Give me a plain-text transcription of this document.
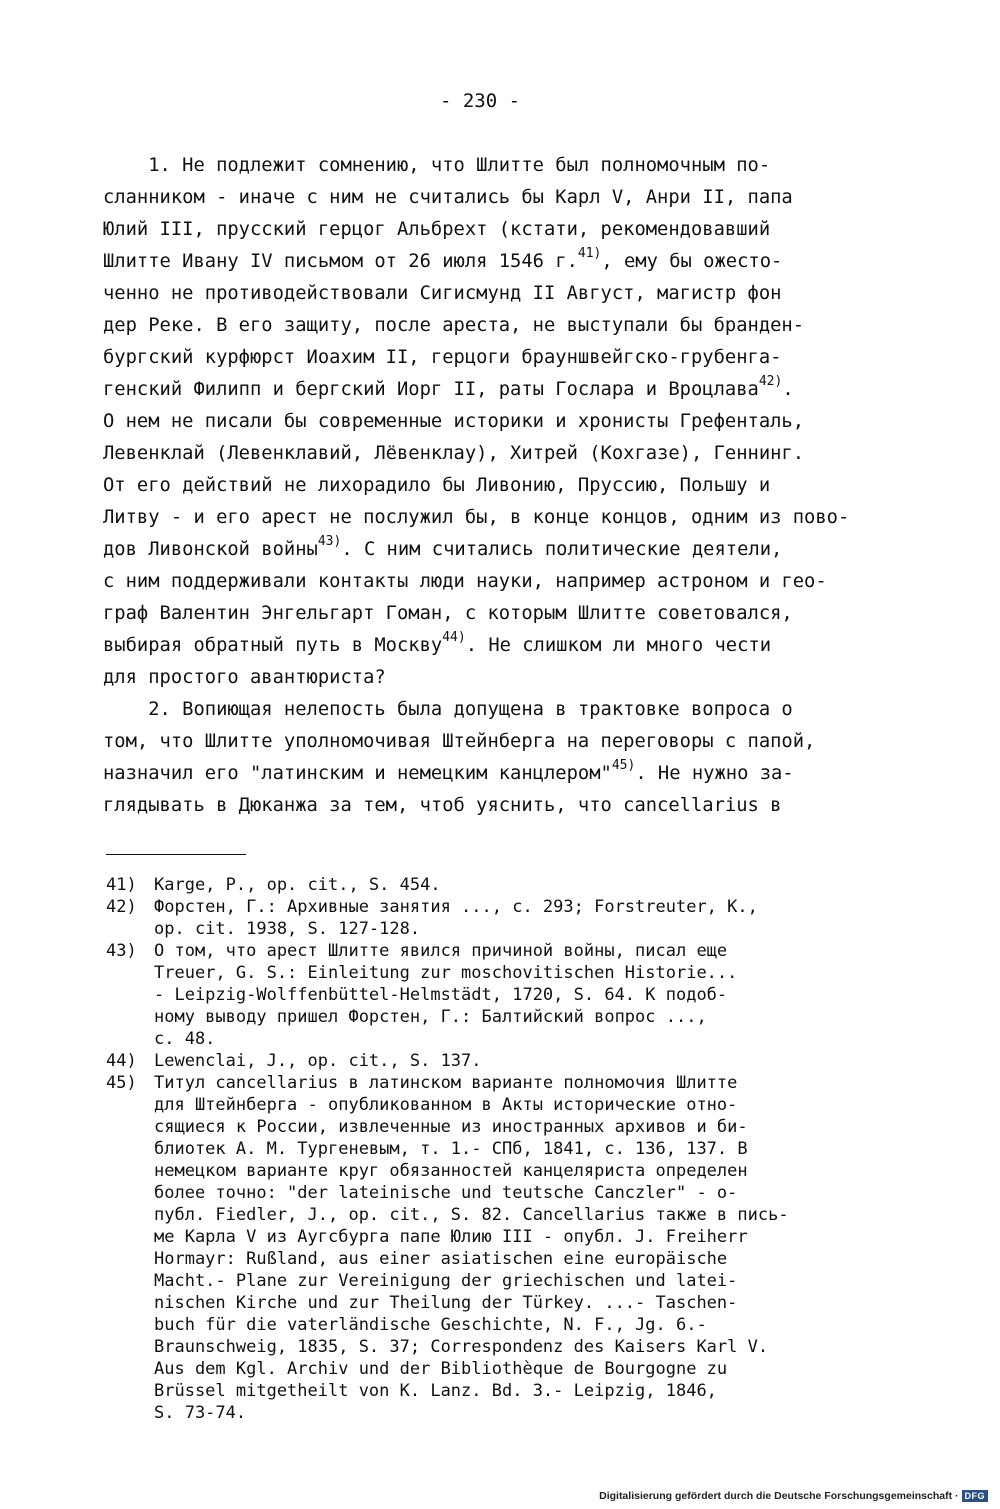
- 230 -
1. Не подлежит сомнению, что Шлитте был полномочным по-
сланником - иначе с ним не считались бы Карл V, Анри II, папа
Юлий III, прусский герцог Альбрехт (кстати, рекомендовавший
Шлитте Ивану IV письмом от 26 июля 1546 г.$^{41)}$, ему бы ожесто-
ченно не противодействовали Сигисмунд II Август, магистр фон
дер Реке. В его защиту, после ареста, не выступали бы бранден-
бургский курфюрст Иоахим II, герцоги брауншвейгско-грубенга-
генский Филипп и бергский Иорг II, раты Гослара и Вроцлава$^{42)}$.
О нем не писали бы современные историки и хронисты Грефенталь,
Левенклай (Левенклавий, Лёвенклау), Хитрей (Кохгазе), Геннинг.
От его действий не лихорадило бы Ливонию, Пруссию, Польшу и
Литву - и его арест не послужил бы, в конце концов, одним из пово-
дов Ливонской войны$^{43)}$. С ним считались политические деятели,
с ним поддерживали контакты люди науки, например астроном и гео-
граф Валентин Энгельгарт Гоман, с которым Шлитте советовался,
выбирая обратный путь в Москву$^{44)}$. Не слишком ли много чести
для простого авантюриста?
2. Вопиющая нелепость была допущена в трактовке вопроса о
том, что Шлитте уполномочивая Штейнберга на переговоры с папой,
назначил его "латинским и немецким канцлером"$^{45)}$. Не нужно за-
глядывать в Дюканжа за тем, чтоб уяснить, что cancellarius в
41)	Karge, P., op. cit., S. 454.
42)	Форстен, Г.: Архивные занятия ..., с. 293; Forstreuter, K.,
op. cit. 1938, S. 127-128.
43)	О том, что арест Шлитте явился причиной войны, писал еще
Treuer, G. S.: Einleitung zur moschovitischen Historie...
- Leipzig-Wolffenbüttel-Helmstädt, 1720, S. 64. К подоб-
ному выводу пришел Форстен, Г.: Балтийский вопрос ...,
с. 48.
44)	Lewenclai, J., op. cit., S. 137.
45)	Титул cancellarius в латинском варианте полномочия Шлитте
для Штейнберга - опубликованном в Акты исторические отно-
сящиеся к России, извлеченные из иностранных архивов и би-
блиотек А. М. Тургеневым, т. 1.- СПб, 1841, с. 136, 137. В
немецком варианте круг обязанностей канцеляриста определен
более точно: "der lateinische und teutsche Canczler" - о-
публ. Fiedler, J., op. cit., S. 82. Cancellarius также в пись-
ме Карла V из Аугсбурга папе Юлию III - опубл. J. Freiherr
Hormayr: Rußland, aus einer asiatischen eine europäische
Macht.- Plane zur Vereinigung der griechischen und latei-
nischen Kirche und zur Theilung der Türkey. ...- Taschen-
buch für die vaterländische Geschichte, N. F., Jg. 6.-
Braunschweig, 1835, S. 37; Correspondenz des Kaisers Karl V.
Aus dem Kgl. Archiv und der Bibliothèque de Bourgogne zu
Brüssel mitgetheilt von K. Lanz. Bd. 3.- Leipzig, 1846,
S. 73-74.
Digitalisierung gefördert durch die Deutsche Forschungsgemeinschaft · DFG
